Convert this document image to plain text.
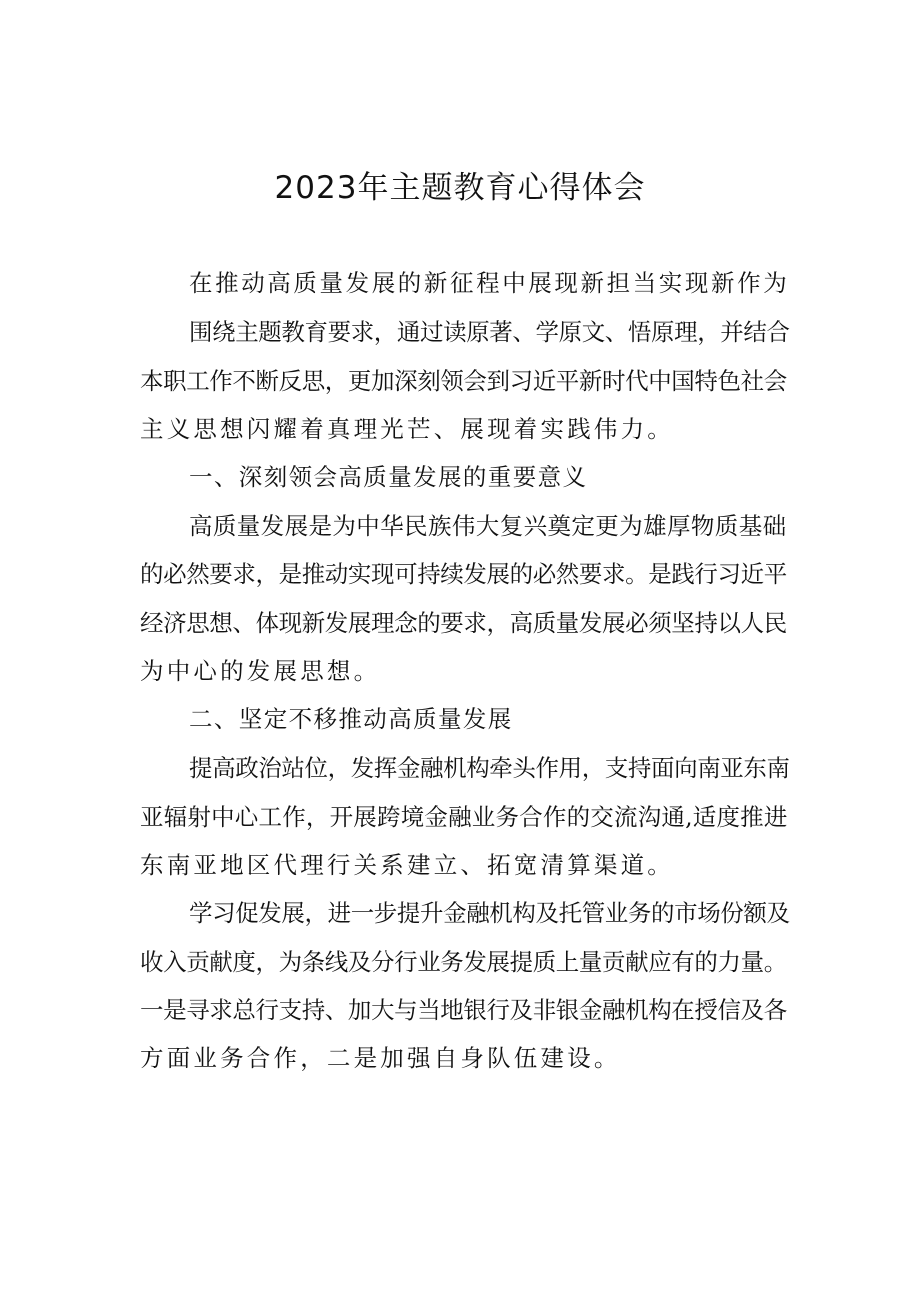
2023年主题教育心得体会
在推动高质量发展的新征程中展现新担当实现新作为
围绕主题教育要求，通过读原著、学原文、悟原理，并结合
本职工作不断反思，更加深刻领会到习近平新时代中国特色社会
主义思想闪耀着真理光芒、展现着实践伟力。
一、深刻领会高质量发展的重要意义
高质量发展是为中华民族伟大复兴奠定更为雄厚物质基础
的必然要求，是推动实现可持续发展的必然要求。是践行习近平
经济思想、体现新发展理念的要求，高质量发展必须坚持以人民
为中心的发展思想。
二、坚定不移推动高质量发展
提高政治站位，发挥金融机构牵头作用，支持面向南亚东南
亚辐射中心工作，开展跨境金融业务合作的交流沟通,适度推进
东南亚地区代理行关系建立、拓宽清算渠道。
学习促发展，进一步提升金融机构及托管业务的市场份额及
收入贡献度，为条线及分行业务发展提质上量贡献应有的力量。
一是寻求总行支持、加大与当地银行及非银金融机构在授信及各
方面业务合作，二是加强自身队伍建设。
